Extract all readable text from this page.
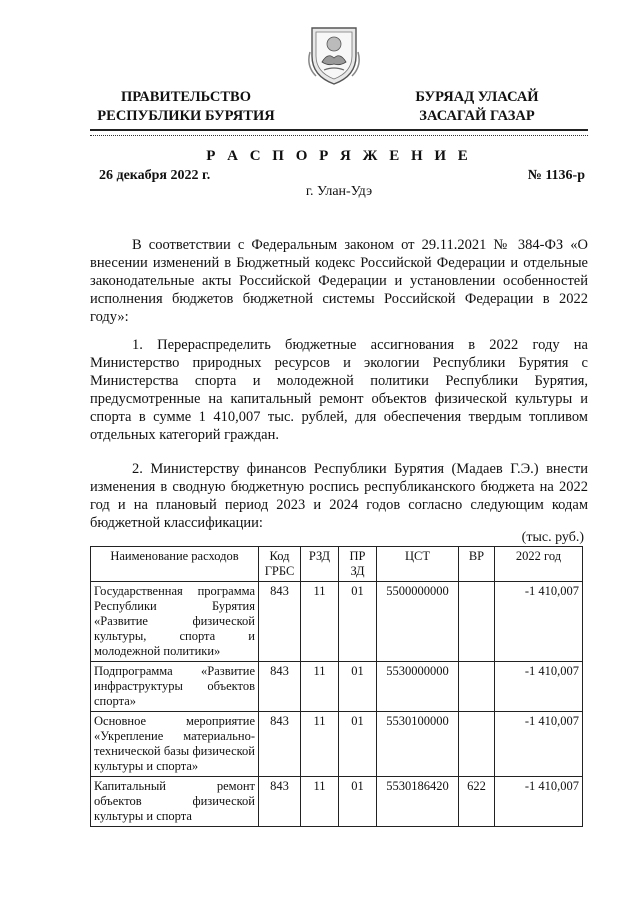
ПРАВИТЕЛЬСТВО
РЕСПУБЛИКИ БУРЯТИЯ
БУРЯАД УЛАСАЙ
ЗАСАГАЙ ГАЗАР
Р А С П О Р Я Ж Е Н И Е
26 декабря 2022 г.	№ 1136-р
г. Улан-Удэ
В соответствии с Федеральным законом от 29.11.2021 № 384-ФЗ «О внесении изменений в Бюджетный кодекс Российской Федерации и отдельные законодательные акты Российской Федерации и установлении особенностей исполнения бюджетов бюджетной системы Российской Федерации в 2022 году»:
1. Перераспределить бюджетные ассигнования в 2022 году на Министерство природных ресурсов и экологии Республики Бурятия с Министерства спорта и молодежной политики Республики Бурятия, предусмотренные на капитальный ремонт объектов физической культуры и спорта в сумме 1 410,007 тыс. рублей, для обеспечения твердым топливом отдельных категорий граждан.
2. Министерству финансов Республики Бурятия (Мадаев Г.Э.) внести изменения в сводную бюджетную роспись республиканского бюджета на 2022 год и на плановый период 2023 и 2024 годов согласно следующим кодам бюджетной классификации:
(тыс. руб.)
Наименование расходов	Код ГРБС	РЗД	ПР ЗД	ЦСТ	ВР	2022 год
Государственная программа Республики Бурятия «Развитие физической культуры, спорта и молодежной политики»	843	11	01	5500000000		-1 410,007
Подпрограмма «Развитие инфраструктуры объектов спорта»	843	11	01	5530000000		-1 410,007
Основное мероприятие «Укрепление материально-технической базы физической культуры и спорта»	843	11	01	5530100000		-1 410,007
Капитальный ремонт объектов физической культуры и спорта	843	11	01	5530186420	622	-1 410,007
